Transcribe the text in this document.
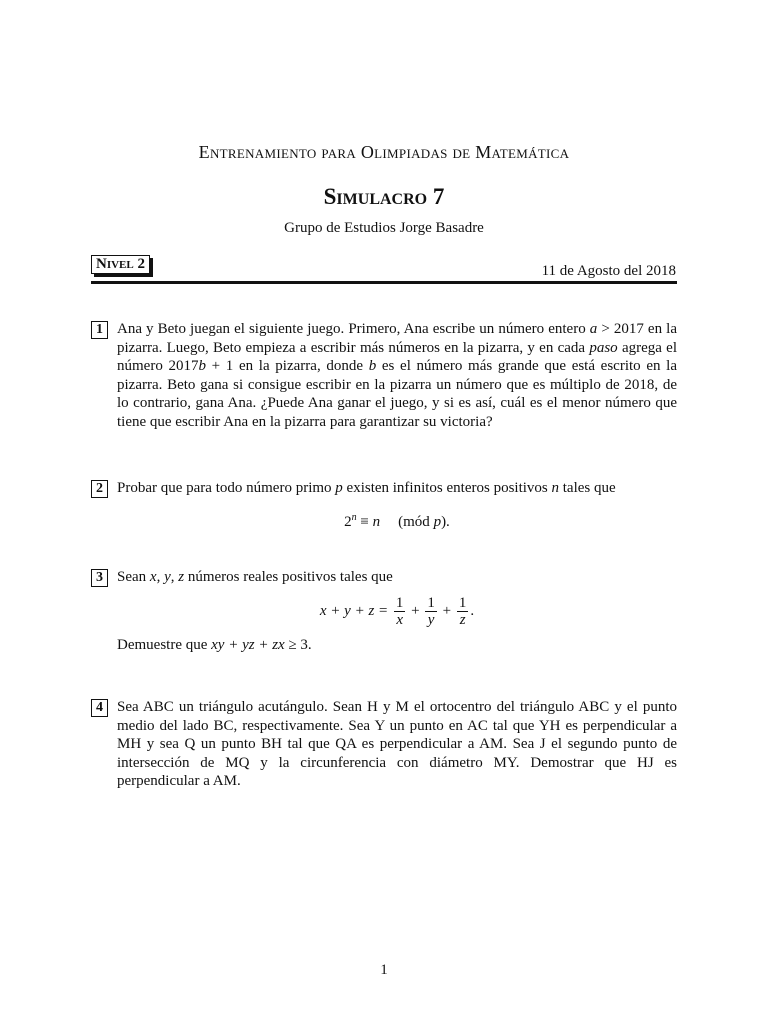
Entrenamiento para Olimpiadas de Matemática
Simulacro 7
Grupo de Estudios Jorge Basadre
Nivel 2	11 de Agosto del 2018
1 Ana y Beto juegan el siguiente juego. Primero, Ana escribe un número entero a > 2017 en la pizarra. Luego, Beto empieza a escribir más números en la pizarra, y en cada paso agrega el número 2017b + 1 en la pizarra, donde b es el número más grande que está escrito en la pizarra. Beto gana si consigue escribir en la pizarra un número que es múltiplo de 2018, de lo contrario, gana Ana. ¿Puede Ana ganar el juego, y si es así, cuál es el menor número que tiene que escribir Ana en la pizarra para garantizar su victoria?
2 Probar que para todo número primo p existen infinitos enteros positivos n tales que
$2^n \equiv n$ (mód p).
3 Sean x, y, z números reales positivos tales que
$x + y + z = \frac{1}{x} + \frac{1}{y} + \frac{1}{z}$ .
Demuestre que xy + yz + zx ≥ 3.
4 Sea ABC un triángulo acutángulo. Sean H y M el ortocentro del triángulo ABC y el punto medio del lado BC, respectivamente. Sea Y un punto en AC tal que YH es perpendicular a MH y sea Q un punto BH tal que QA es perpendicular a AM. Sea J el segundo punto de intersección de MQ y la circunferencia con diámetro MY. Demostrar que HJ es perpendicular a AM.
1
